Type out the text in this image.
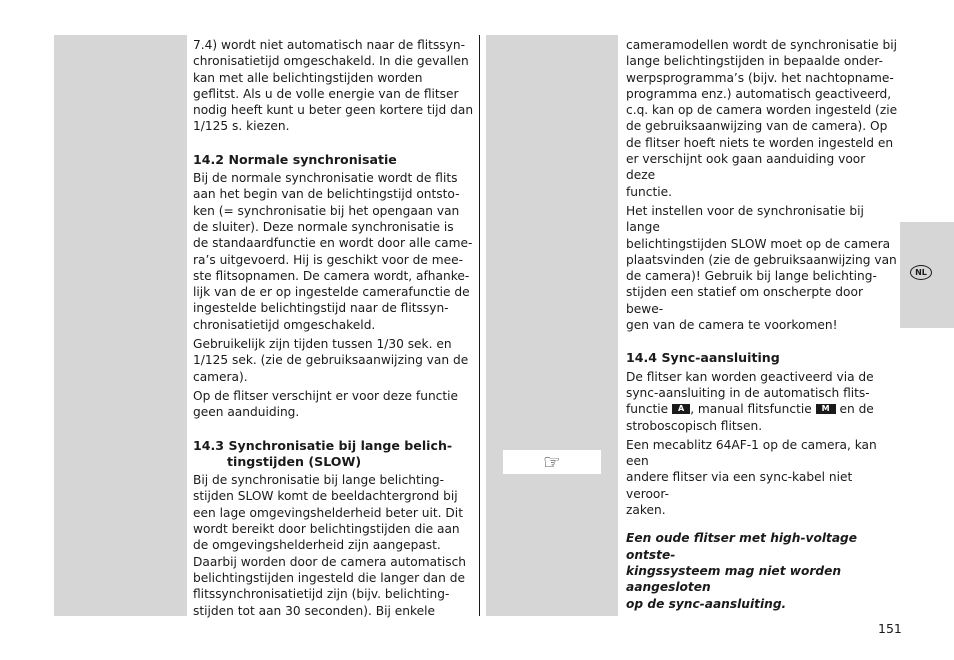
7.4) wordt niet automatisch naar de flitssyn-
chronisatietijd omgeschakeld. In die gevallen
kan met alle belichtingstijden worden
geflitst. Als u de volle energie van de flitser
nodig heeft kunt u beter geen kortere tijd dan
1/125 s. kiezen.

14.2 Normale synchronisatie

Bij de normale synchronisatie wordt de flits
aan het begin van de belichtingstijd ontsto-
ken (= synchronisatie bij het opengaan van
de sluiter). Deze normale synchronisatie is
de standaardfunctie en wordt door alle came-
ra’s uitgevoerd. Hij is geschikt voor de mee-
ste flitsopnamen. De camera wordt, afhanke-
lijk van de er op ingestelde camerafunctie de
ingestelde belichtingstijd naar de flitssyn-
chronisatietijd omgeschakeld.

Gebruikelijk zijn tijden tussen 1/30 sek. en
1/125 sek. (zie de gebruiksaanwijzing van de
camera).

Op de flitser verschijnt er voor deze functie
geen aanduiding.

14.3 Synchronisatie bij lange belich-
tingstijden (SLOW)

Bij de synchronisatie bij lange belichting-
stijden SLOW komt de beeldachtergrond bij
een lage omgevingshelderheid beter uit. Dit
wordt bereikt door belichtingstijden die aan
de omgevingshelderheid zijn aangepast.
Daarbij worden door de camera automatisch
belichtingstijden ingesteld die langer dan de
flitssynchronisatietijd zijn (bijv. belichting-
stijden tot aan 30 seconden). Bij enkele

cameramodellen wordt de synchronisatie bij
lange belichtingstijden in bepaalde onder-
werpsprogramma’s (bijv. het nachtopname-
programma enz.) automatisch geactiveerd,
c.q. kan op de camera worden ingesteld (zie
de gebruiksaanwijzing van de camera). Op
de flitser hoeft niets te worden ingesteld en
er verschijnt ook gaan aanduiding voor deze
functie.

Het instellen voor de synchronisatie bij lange
belichtingstijden SLOW moet op de camera
plaatsvinden (zie de gebruiksaanwijzing van
de camera)! Gebruik bij lange belichting-
stijden een statief om onscherpte door bewe-
gen van de camera te voorkomen!

14.4 Sync-aansluiting

De flitser kan worden geactiveerd via de
sync-aansluiting in de automatisch flits-
functie A , manual flitsfunctie M en de
stroboscopisch flitsen.

Een mecablitz 64AF-1 op de camera, kan een
andere flitser via een sync-kabel niet veroor-
zaken.

Een oude flitser met high-voltage ontste-
kingssysteem mag niet worden aangesloten
op de sync-aansluiting.

☞
NL
151
